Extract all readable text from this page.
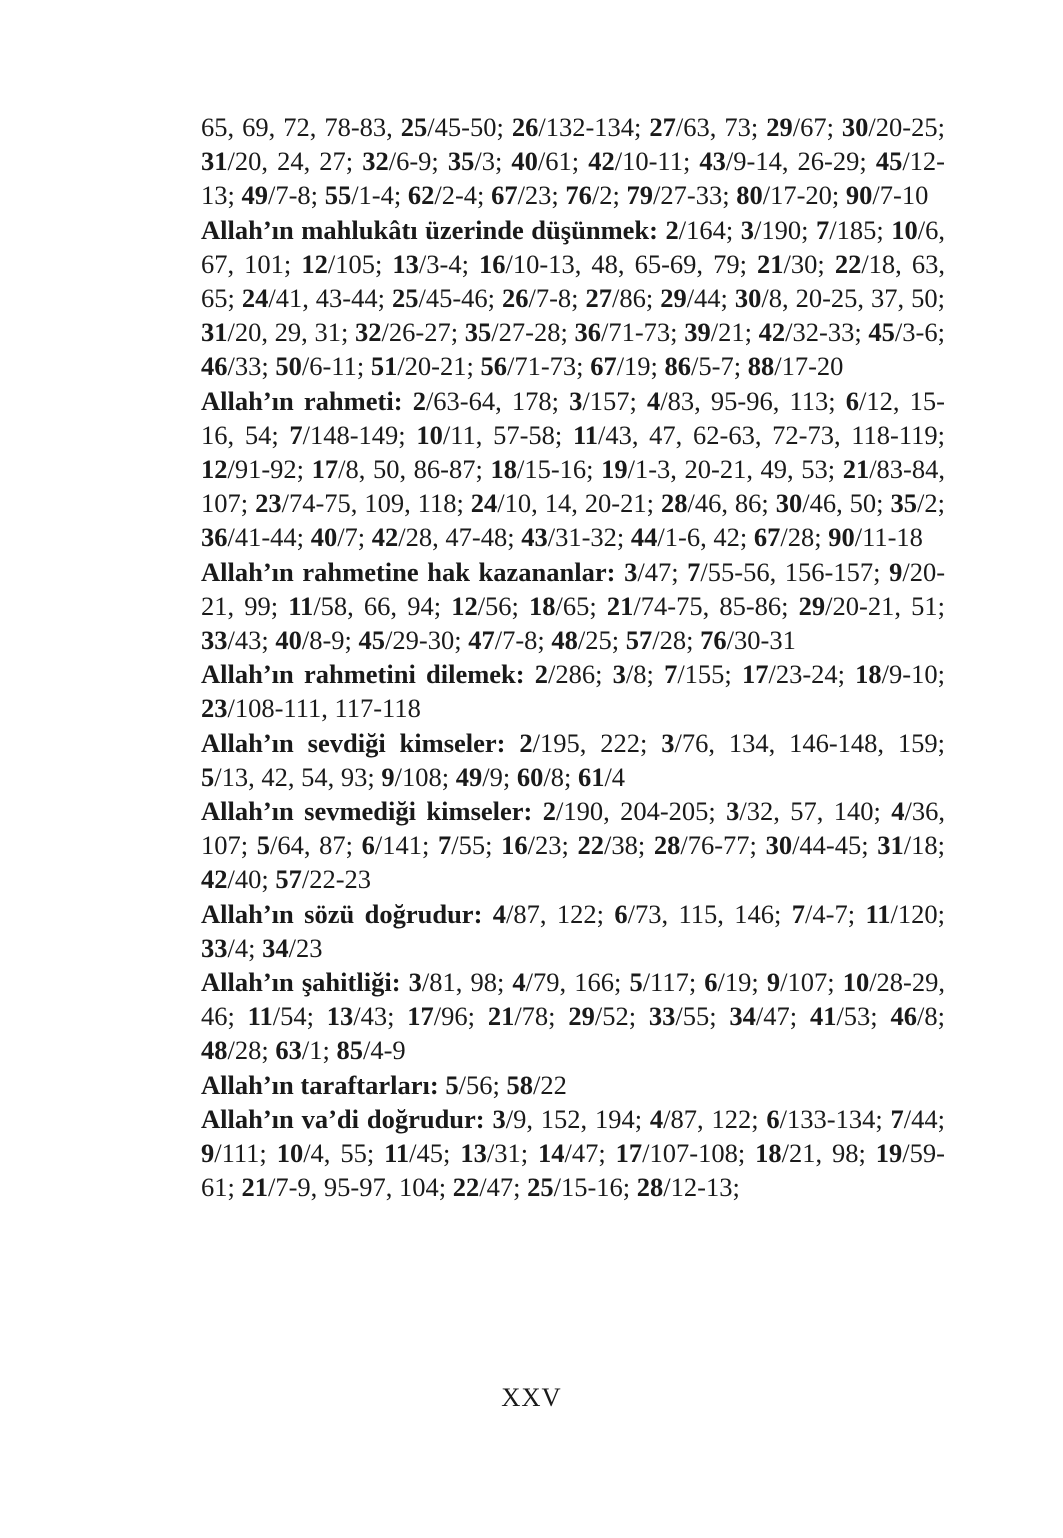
65, 69, 72, 78-83, 25/45-50; 26/132-134; 27/63, 73; 29/67; 30/20-25; 31/20, 24, 27; 32/6-9; 35/3; 40/61; 42/10-11; 43/9-14, 26-29; 45/12-13; 49/7-8; 55/1-4; 62/2-4; 67/23; 76/2; 79/27-33; 80/17-20; 90/7-10

Allah’ın mahlukâtı üzerinde düşünmek: 2/164; 3/190; 7/185; 10/6, 67, 101; 12/105; 13/3-4; 16/10-13, 48, 65-69, 79; 21/30; 22/18, 63, 65; 24/41, 43-44; 25/45-46; 26/7-8; 27/86; 29/44; 30/8, 20-25, 37, 50; 31/20, 29, 31; 32/26-27; 35/27-28; 36/71-73; 39/21; 42/32-33; 45/3-6; 46/33; 50/6-11; 51/20-21; 56/71-73; 67/19; 86/5-7; 88/17-20

Allah’ın rahmeti: 2/63-64, 178; 3/157; 4/83, 95-96, 113; 6/12, 15-16, 54; 7/148-149; 10/11, 57-58; 11/43, 47, 62-63, 72-73, 118-119; 12/91-92; 17/8, 50, 86-87; 18/15-16; 19/1-3, 20-21, 49, 53; 21/83-84, 107; 23/74-75, 109, 118; 24/10, 14, 20-21; 28/46, 86; 30/46, 50; 35/2; 36/41-44; 40/7; 42/28, 47-48; 43/31-32; 44/1-6, 42; 67/28; 90/11-18

Allah’ın rahmetine hak kazananlar: 3/47; 7/55-56, 156-157; 9/20-21, 99; 11/58, 66, 94; 12/56; 18/65; 21/74-75, 85-86; 29/20-21, 51; 33/43; 40/8-9; 45/29-30; 47/7-8; 48/25; 57/28; 76/30-31

Allah’ın rahmetini dilemek: 2/286; 3/8; 7/155; 17/23-24; 18/9-10; 23/108-111, 117-118

Allah’ın sevdiği kimseler: 2/195, 222; 3/76, 134, 146-148, 159; 5/13, 42, 54, 93; 9/108; 49/9; 60/8; 61/4

Allah’ın sevmediği kimseler: 2/190, 204-205; 3/32, 57, 140; 4/36, 107; 5/64, 87; 6/141; 7/55; 16/23; 22/38; 28/76-77; 30/44-45; 31/18; 42/40; 57/22-23

Allah’ın sözü doğrudur: 4/87, 122; 6/73, 115, 146; 7/4-7; 11/120; 33/4; 34/23

Allah’ın şahitliği: 3/81, 98; 4/79, 166; 5/117; 6/19; 9/107; 10/28-29, 46; 11/54; 13/43; 17/96; 21/78; 29/52; 33/55; 34/47; 41/53; 46/8; 48/28; 63/1; 85/4-9

Allah’ın taraftarları: 5/56; 58/22

Allah’ın va’di doğrudur: 3/9, 152, 194; 4/87, 122; 6/133-134; 7/44; 9/111; 10/4, 55; 11/45; 13/31; 14/47; 17/107-108; 18/21, 98; 19/59-61; 21/7-9, 95-97, 104; 22/47; 25/15-16; 28/12-13;

XXV
